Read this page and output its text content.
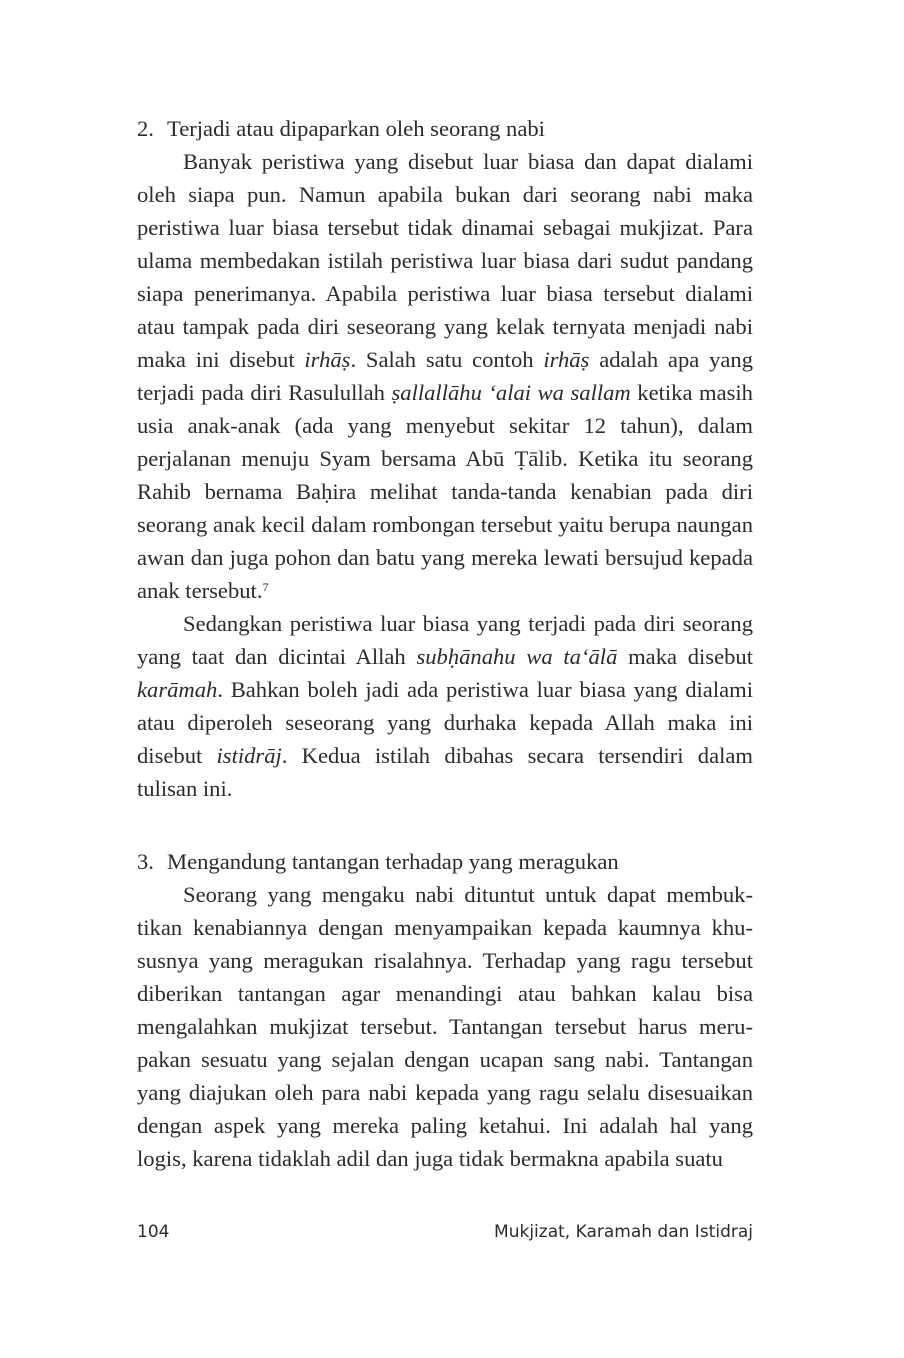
2. Terjadi atau dipaparkan oleh seorang nabi

Banyak peristiwa yang disebut luar biasa dan dapat dialami oleh siapa pun. Namun apabila bukan dari seorang nabi maka peristiwa luar biasa tersebut tidak dinamai sebagai mukjizat. Para ulama membedakan istilah peristiwa luar biasa dari sudut pandang siapa penerimanya. Apabila peristiwa luar biasa tersebut dialami atau tampak pada diri seseorang yang kelak ternyata menjadi nabi maka ini disebut irhāṣ. Salah satu contoh irhāṣ adalah apa yang terjadi pada diri Rasulullah ṣallallāhu ‘alai wa sallam ketika masih usia anak-anak (ada yang menyebut sekitar 12 tahun), dalam perjalanan menuju Syam bersama Abū Ṭālib. Ketika itu seorang Rahib bernama Baḥira melihat tanda-tanda kenabian pada diri seorang anak kecil dalam rombongan tersebut yaitu berupa naungan awan dan juga pohon dan batu yang mereka lewati bersujud kepada anak tersebut.$^7$

Sedangkan peristiwa luar biasa yang terjadi pada diri seorang yang taat dan dicintai Allah subḥānahu wa ta‘ālā maka disebut karāmah. Bahkan boleh jadi ada peristiwa luar biasa yang dialami atau diperoleh seseorang yang durhaka kepada Allah maka ini disebut istidrāj. Kedua istilah dibahas secara tersendiri dalam tulisan ini.

3. Mengandung tantangan terhadap yang meragukan

Seorang yang mengaku nabi dituntut untuk dapat membuktikan kenabiannya dengan menyampaikan kepada kaumnya khususnya yang meragukan risalahnya. Terhadap yang ragu tersebut diberikan tantangan agar menandingi atau bahkan kalau bisa mengalahkan mukjizat tersebut. Tantangan tersebut harus merupakan sesuatu yang sejalan dengan ucapan sang nabi. Tantangan yang diajukan oleh para nabi kepada yang ragu selalu disesuaikan dengan aspek yang mereka paling ketahui. Ini adalah hal yang logis, karena tidaklah adil dan juga tidak bermakna apabila suatu

104	Mukjizat, Karamah dan Istidraj
